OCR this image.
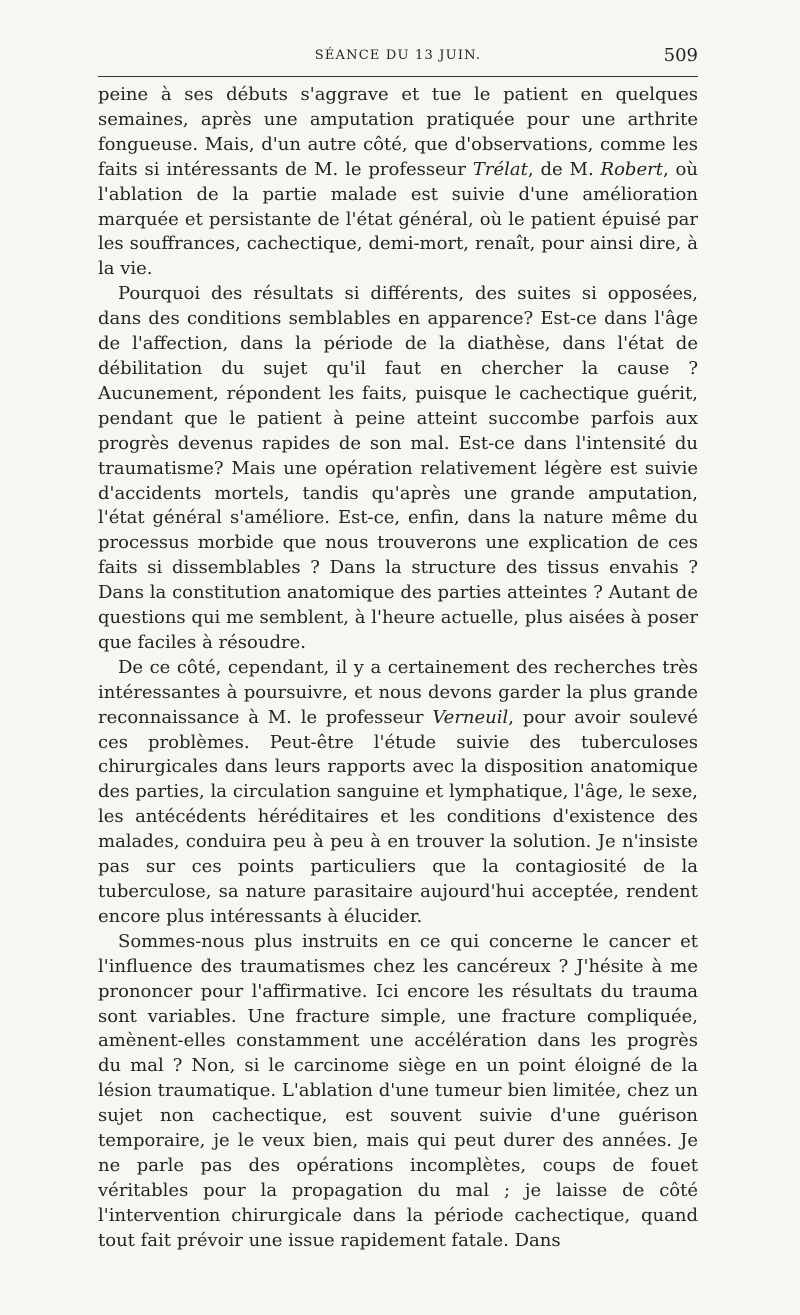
SÉANCE DU 13 JUIN.	509

peine à ses débuts s'aggrave et tue le patient en quelques semaines, après une amputation pratiquée pour une arthrite fongueuse. Mais, d'un autre côté, que d'observations, comme les faits si intéressants de M. le professeur Trélat, de M. Robert, où l'ablation de la partie malade est suivie d'une amélioration marquée et persistante de l'état général, où le patient épuisé par les souffrances, cachectique, demi-mort, renaît, pour ainsi dire, à la vie.

Pourquoi des résultats si différents, des suites si opposées, dans des conditions semblables en apparence? Est-ce dans l'âge de l'affection, dans la période de la diathèse, dans l'état de débilitation du sujet qu'il faut en chercher la cause ? Aucunement, répondent les faits, puisque le cachectique guérit, pendant que le patient à peine atteint succombe parfois aux progrès devenus rapides de son mal. Est-ce dans l'intensité du traumatisme? Mais une opération relativement légère est suivie d'accidents mortels, tandis qu'après une grande amputation, l'état général s'améliore. Est-ce, enfin, dans la nature même du processus morbide que nous trouverons une explication de ces faits si dissemblables ? Dans la structure des tissus envahis ? Dans la constitution anatomique des parties atteintes ? Autant de questions qui me semblent, à l'heure actuelle, plus aisées à poser que faciles à résoudre.

De ce côté, cependant, il y a certainement des recherches très intéressantes à poursuivre, et nous devons garder la plus grande reconnaissance à M. le professeur Verneuil, pour avoir soulevé ces problèmes. Peut-être l'étude suivie des tuberculoses chirurgicales dans leurs rapports avec la disposition anatomique des parties, la circulation sanguine et lymphatique, l'âge, le sexe, les antécédents héréditaires et les conditions d'existence des malades, conduira peu à peu à en trouver la solution. Je n'insiste pas sur ces points particuliers que la contagiosité de la tuberculose, sa nature parasitaire aujourd'hui acceptée, rendent encore plus intéressants à élucider.

Sommes-nous plus instruits en ce qui concerne le cancer et l'influence des traumatismes chez les cancéreux ? J'hésite à me prononcer pour l'affirmative. Ici encore les résultats du trauma sont variables. Une fracture simple, une fracture compliquée, amènent-elles constamment une accélération dans les progrès du mal ? Non, si le carcinome siège en un point éloigné de la lésion traumatique. L'ablation d'une tumeur bien limitée, chez un sujet non cachectique, est souvent suivie d'une guérison temporaire, je le veux bien, mais qui peut durer des années. Je ne parle pas des opérations incomplètes, coups de fouet véritables pour la propagation du mal ; je laisse de côté l'intervention chirurgicale dans la période cachectique, quand tout fait prévoir une issue rapidement fatale. Dans
